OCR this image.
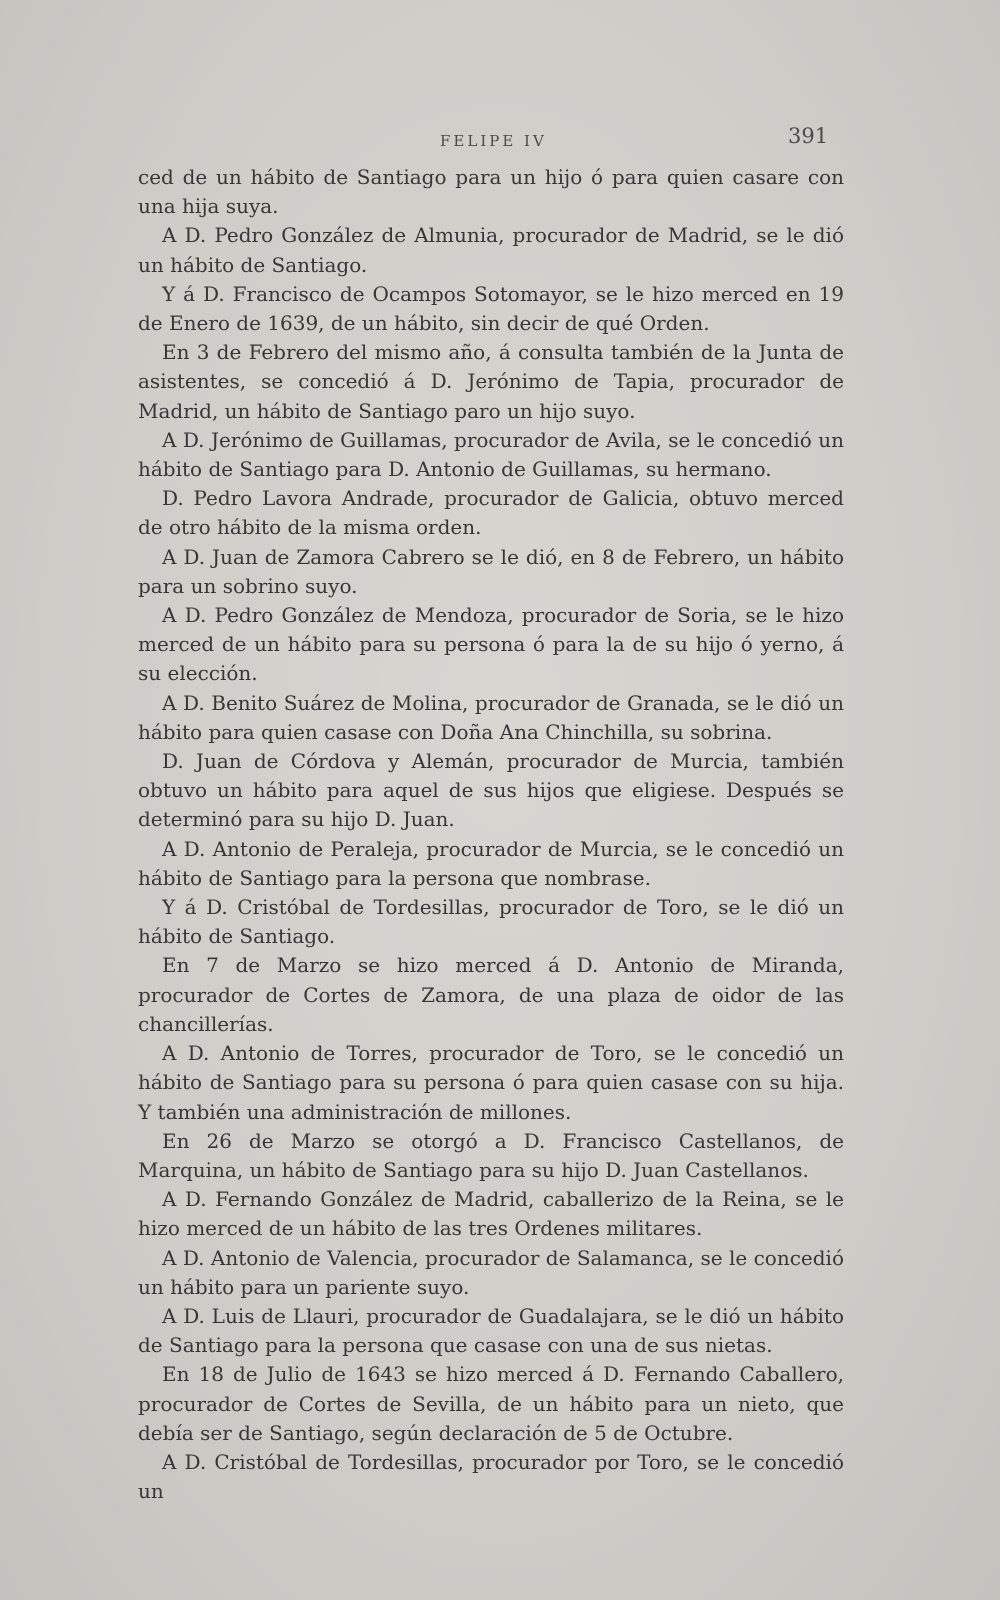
FELIPE IV	391

ced de un hábito de Santiago para un hijo ó para quien casare con una hija suya.

A D. Pedro González de Almunia, procurador de Madrid, se le dió un hábito de Santiago.

Y á D. Francisco de Ocampos Sotomayor, se le hizo merced en 19 de Enero de 1639, de un hábito, sin decir de qué Orden.

En 3 de Febrero del mismo año, á consulta también de la Junta de asistentes, se concedió á D. Jerónimo de Tapia, procurador de Madrid, un hábito de Santiago paro un hijo suyo.

A D. Jerónimo de Guillamas, procurador de Avila, se le concedió un hábito de Santiago para D. Antonio de Guillamas, su hermano.

D. Pedro Lavora Andrade, procurador de Galicia, obtuvo merced de otro hábito de la misma orden.

A D. Juan de Zamora Cabrero se le dió, en 8 de Febrero, un hábito para un sobrino suyo.

A D. Pedro González de Mendoza, procurador de Soria, se le hizo merced de un hábito para su persona ó para la de su hijo ó yerno, á su elección.

A D. Benito Suárez de Molina, procurador de Granada, se le dió un hábito para quien casase con Doña Ana Chinchilla, su sobrina.

D. Juan de Córdova y Alemán, procurador de Murcia, también obtuvo un hábito para aquel de sus hijos que eligiese. Después se determinó para su hijo D. Juan.

A D. Antonio de Peraleja, procurador de Murcia, se le concedió un hábito de Santiago para la persona que nombrase.

Y á D. Cristóbal de Tordesillas, procurador de Toro, se le dió un hábito de Santiago.

En 7 de Marzo se hizo merced á D. Antonio de Miranda, procurador de Cortes de Zamora, de una plaza de oidor de las chancillerías.

A D. Antonio de Torres, procurador de Toro, se le concedió un hábito de Santiago para su persona ó para quien casase con su hija. Y también una administración de millones.

En 26 de Marzo se otorgó a D. Francisco Castellanos, de Marquina, un hábito de Santiago para su hijo D. Juan Castellanos.

A D. Fernando González de Madrid, caballerizo de la Reina, se le hizo merced de un hábito de las tres Ordenes militares.

A D. Antonio de Valencia, procurador de Salamanca, se le concedió un hábito para un pariente suyo.

A D. Luis de Llauri, procurador de Guadalajara, se le dió un hábito de Santiago para la persona que casase con una de sus nietas.

En 18 de Julio de 1643 se hizo merced á D. Fernando Caballero, procurador de Cortes de Sevilla, de un hábito para un nieto, que debía ser de Santiago, según declaración de 5 de Octubre.

A D. Cristóbal de Tordesillas, procurador por Toro, se le concedió un
